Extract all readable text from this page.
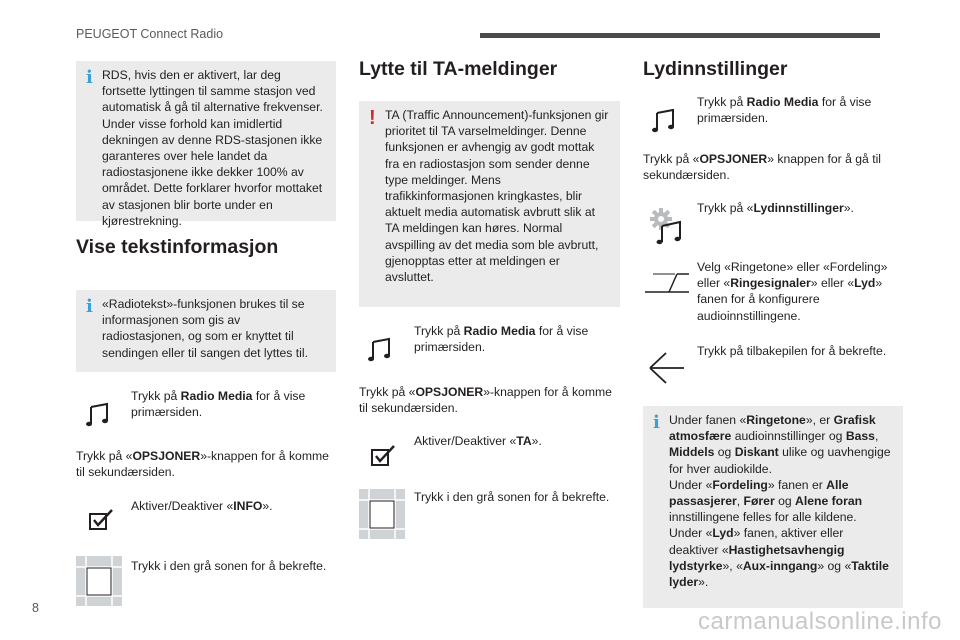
PEUGEOT Connect Radio
i RDS, hvis den er aktivert, lar deg fortsette lyttingen til samme stasjon ved automatisk å gå til alternative frekvenser. Under visse forhold kan imidlertid dekningen av denne RDS-stasjonen ikke garanteres over hele landet da radiostasjonene ikke dekker 100% av området. Dette forklarer hvorfor mottaket av stasjonen blir borte under en kjørestrekning.

Vise tekstinformasjon
i «Radiotekst»-funksjonen brukes til se informasjonen som gis av radiostasjonen, og som er knyttet til sendingen eller til sangen det lyttes til.

Trykk på Radio Media for å vise primærsiden.
Trykk på «OPSJONER»-knappen for å komme til sekundærsiden.
Aktiver/Deaktiver «INFO».
Trykk i den grå sonen for å bekrefte.
Lytte til TA-meldinger
! TA (Traffic Announcement)-funksjonen gir prioritet til TA varselmeldinger. Denne funksjonen er avhengig av godt mottak fra en radiostasjon som sender denne type meldinger. Mens trafikkinformasjonen kringkastes, blir aktuelt media automatisk avbrutt slik at TA meldingen kan høres. Normal avspilling av det media som ble avbrutt, gjenopptas etter at meldingen er avsluttet.

Trykk på Radio Media for å vise primærsiden.
Trykk på «OPSJONER»-knappen for å komme til sekundærsiden.
Aktiver/Deaktiver «TA».
Trykk i den grå sonen for å bekrefte.
Lydinnstillinger
Trykk på Radio Media for å vise primærsiden.
Trykk på «OPSJONER» knappen for å gå til sekundærsiden.
Trykk på «Lydinnstillinger».
Velg «Ringetone» eller «Fordeling» eller «Ringesignaler» eller «Lyd» fanen for å konfigurere audioinnstillingene.
Trykk på tilbakepilen for å bekrefte.
i Under fanen «Ringetone», er Grafisk atmosfære audioinnstillinger og Bass, Middels og Diskant ulike og uavhengige for hver audiokilde.
Under «Fordeling» fanen er Alle passasjerer, Fører og Alene foran innstillingene felles for alle kildene.
Under «Lyd» fanen, aktiver eller deaktiver «Hastighetsavhengig lydstyrke», «Aux-inngang» og «Taktile lyder».

8	carmanualsonline.info
